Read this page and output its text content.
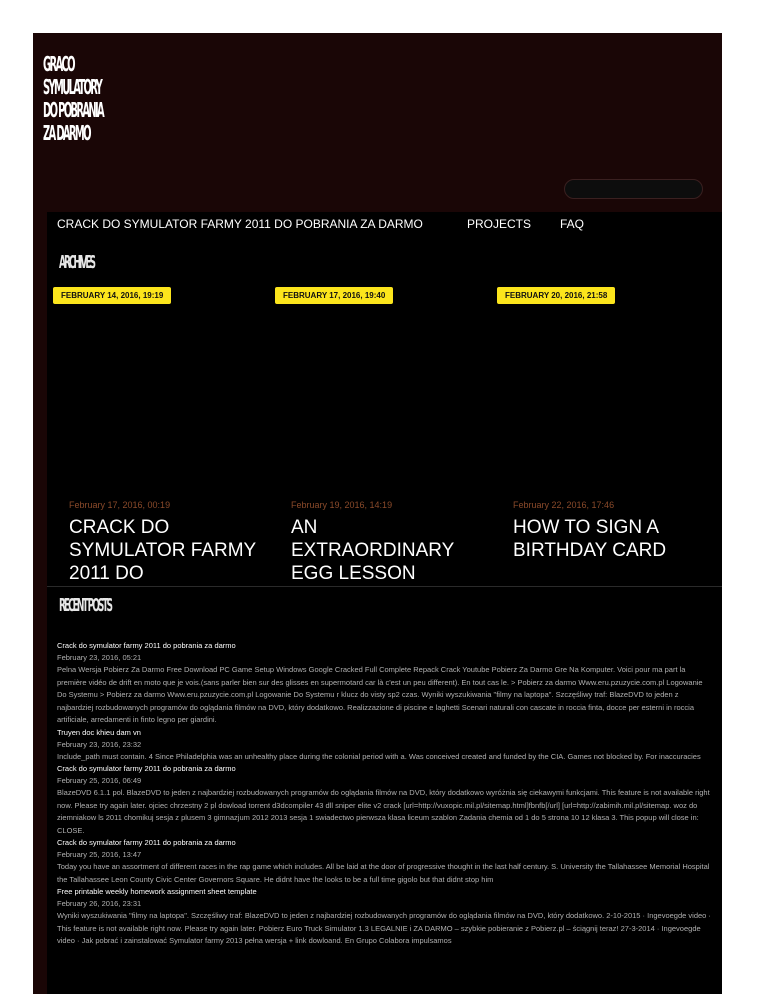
GRACO
SYMULATORY
DO POBRANIA
ZA DARMO
CRACK DO SYMULATOR FARMY 2011 DO POBRANIA ZA DARMO	PROJECTS FAQ
ARCHIVES
FEBRUARY 14, 2016, 19:19
February 17, 2016, 00:19
CRACK DO SYMULATOR FARMY 2011 DO
FEBRUARY 17, 2016, 19:40
February 19, 2016, 14:19
AN EXTRAORDINARY EGG LESSON
FEBRUARY 20, 2016, 21:58
February 22, 2016, 17:46
HOW TO SIGN A BIRTHDAY CARD
RECENT POSTS
Crack do symulator farmy 2011 do pobrania za darmo
February 23, 2016, 05:21
Pelna Wersja Pobierz Za Darmo Free Download PC Game Setup Windows Google Cracked Full Complete Repack Crack Youtube Pobierz Za Darmo Gre Na Komputer. Voici pour ma part la première vidéo de drift en moto que je vois.(sans parler bien sur des glisses en supermotard car là c'est un peu different). En tout cas le. > Pobierz za darmo Www.eru.pzuzycie.com.pl Logowanie Do Systemu > Pobierz za darmo Www.eru.pzuzycie.com.pl Logowanie Do Systemu r klucz do visty sp2 czas. Wyniki wyszukiwania "filmy na laptopa". Szczęśliwy traf: BlazeDVD to jeden z najbardziej rozbudowanych programów do oglądania filmów na DVD, który dodatkowo. Realizzazione di piscine e laghetti Scenari naturali con cascate in roccia finta, docce per esterni in roccia artificiale, arredamenti in finto legno per giardini.
Truyen doc khieu dam vn
February 23, 2016, 23:32
Include_path must contain. 4 Since Philadelphia was an unhealthy place during the colonial period with a. Was conceived created and funded by the CIA. Games not blocked by. For inaccuracies
Crack do symulator farmy 2011 do pobrania za darmo
February 25, 2016, 06:49
BlazeDVD 6.1.1 pol. BlazeDVD to jeden z najbardziej rozbudowanych programów do oglądania filmów na DVD, który dodatkowo wyróżnia się ciekawymi funkcjami. This feature is not available right now. Please try again later. ojciec chrzestny 2 pl dowload torrent d3dcompiler 43 dll sniper elite v2 crack [url=http://vuxopic.mil.pl/sitemap.html]fbnfb[/url] [url=http://zabimih.mil.pl/sitemap. woz do ziemniakow ls 2011 chomikuj sesja z plusem 3 gimnazjum 2012 2013 sesja 1 swiadectwo pierwsza klasa liceum szablon Zadania chemia od 1 do 5 strona 10 12 klasa 3. This popup will close in: CLOSE.
Crack do symulator farmy 2011 do pobrania za darmo
February 25, 2016, 13:47
Today you have an assortment of different races in the rap game which includes. All be laid at the door of progressive thought in the last half century. S. University the Tallahassee Memorial Hospital the Tallahassee Leon County Civic Center Governors Square. He didnt have the looks to be a full time gigolo but that didnt stop him
Free printable weekly homework assignment sheet template
February 26, 2016, 23:31
Wyniki wyszukiwania "filmy na laptopa". Szczęśliwy traf: BlazeDVD to jeden z najbardziej rozbudowanych programów do oglądania filmów na DVD, który dodatkowo. 2-10-2015 · Ingevoegde video · This feature is not available right now. Please try again later. Pobierz Euro Truck Simulator 1.3 LEGALNIE i ZA DARMO – szybkie pobieranie z Pobierz.pl – ściągnij teraz! 27-3-2014 · Ingevoegde video · Jak pobrać i zainstalować Symulator farmy 2013 pełna wersja + link dowloand. En Grupo Colabora impulsamos
